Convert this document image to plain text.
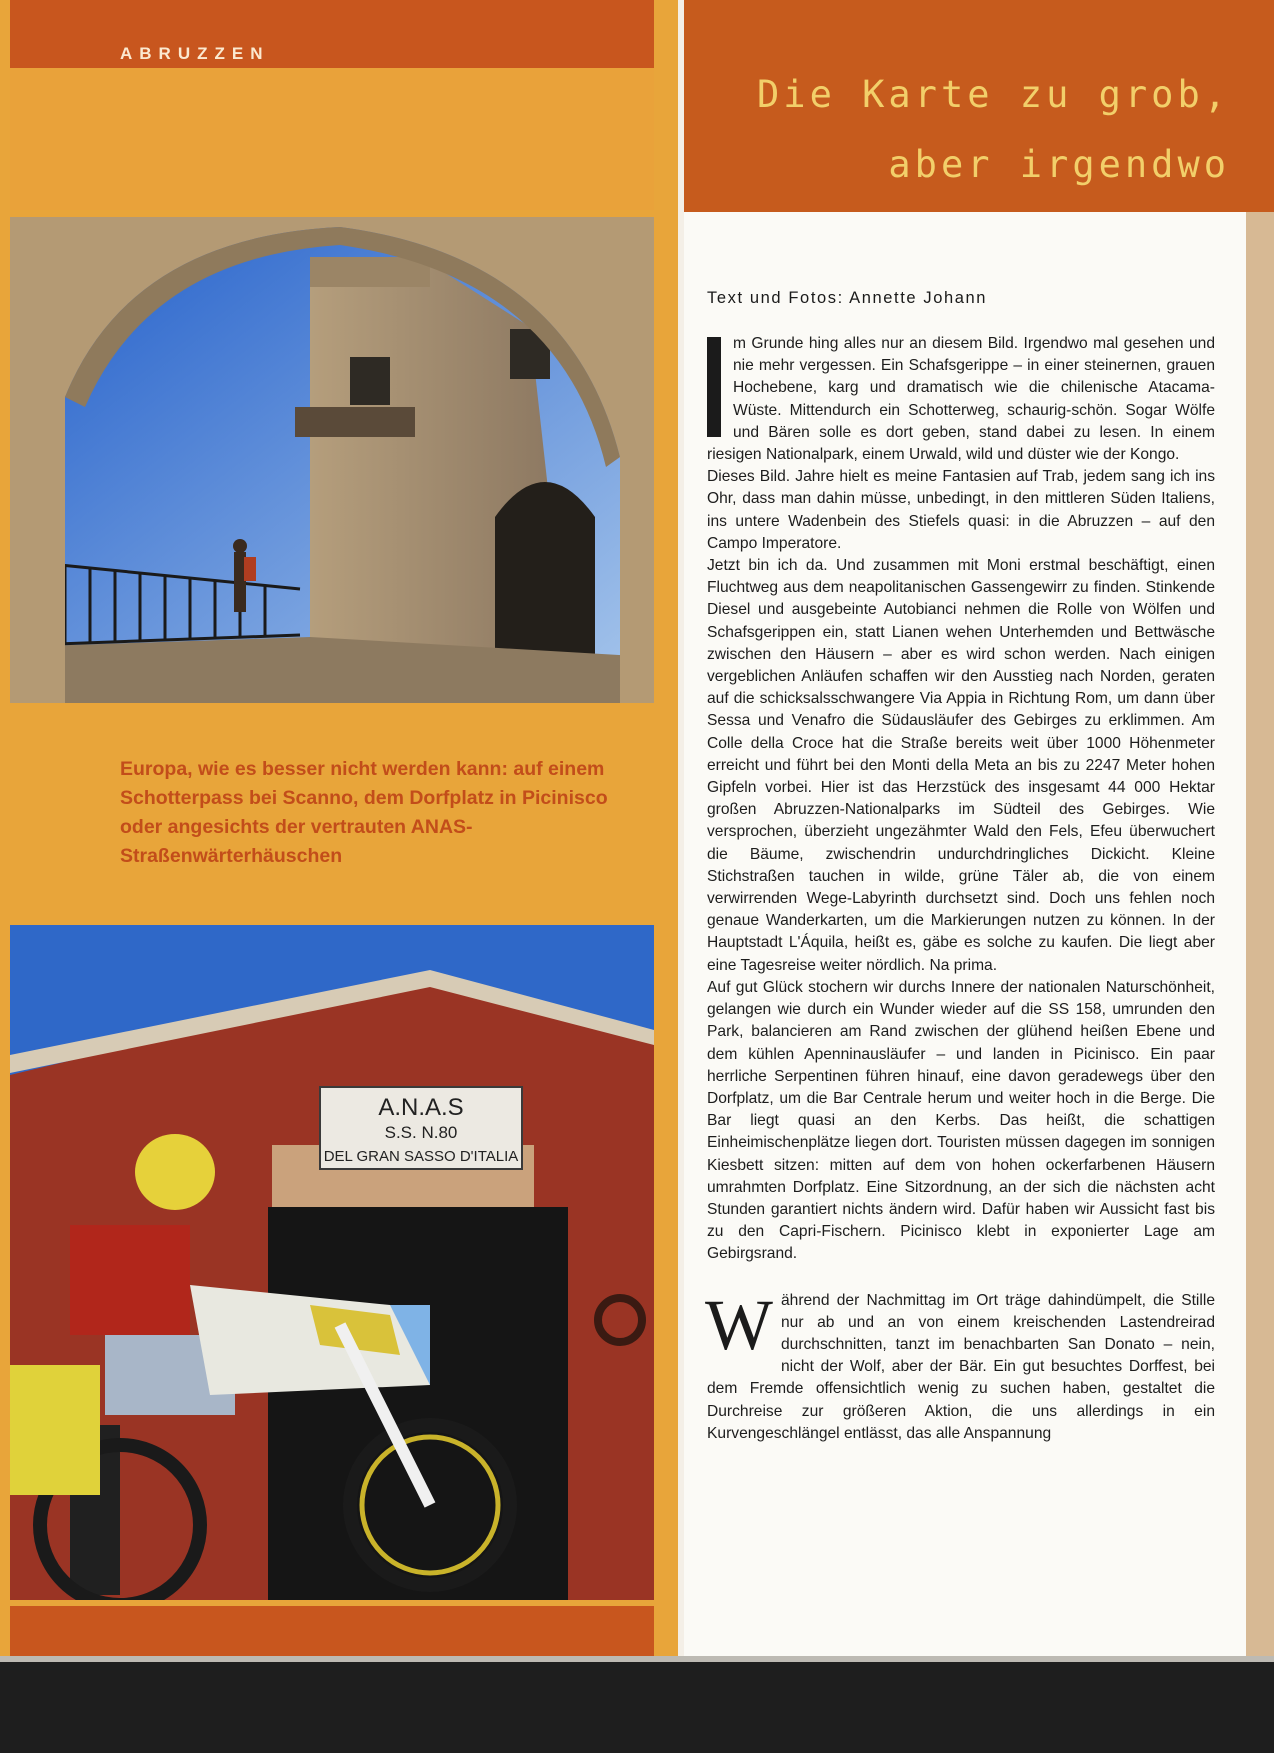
ABRUZZEN
Europa, wie es besser nicht werden kann: auf einem Schotterpass bei Scanno, dem Dorfplatz in Picinisco oder angesichts der vertrauten ANAS-Straßenwärterhäuschen
A.N.A.S
S.S. N.80
DEL GRAN SASSO D'ITALIA
Die Karte zu grob,
aber irgendwo
Text und Fotos: Annette Johann

m Grunde hing alles nur an diesem Bild. Irgendwo mal gesehen und nie mehr vergessen. Ein Schafsgerippe – in einer steinernen, grauen Hochebene, karg und dramatisch wie die chilenische Atacama-Wüste. Mittendurch ein Schotterweg, schaurig-schön. Sogar Wölfe und Bären solle es dort geben, stand dabei zu lesen. In einem riesigen Nationalpark, einem Urwald, wild und düster wie der Kongo.

Dieses Bild. Jahre hielt es meine Fantasien auf Trab, jedem sang ich ins Ohr, dass man dahin müsse, unbedingt, in den mittleren Süden Italiens, ins untere Wadenbein des Stiefels quasi: in die Abruzzen – auf den Campo Imperatore.

Jetzt bin ich da. Und zusammen mit Moni erstmal beschäftigt, einen Fluchtweg aus dem neapolitanischen Gassengewirr zu finden. Stinkende Diesel und ausgebeinte Autobianci nehmen die Rolle von Wölfen und Schafsgerippen ein, statt Lianen wehen Unterhemden und Bettwäsche zwischen den Häusern – aber es wird schon werden. Nach einigen vergeblichen Anläufen schaffen wir den Ausstieg nach Norden, geraten auf die schicksalsschwangere Via Appia in Richtung Rom, um dann über Sessa und Venafro die Südausläufer des Gebirges zu erklimmen. Am Colle della Croce hat die Straße bereits weit über 1000 Höhenmeter erreicht und führt bei den Monti della Meta an bis zu 2247 Meter hohen Gipfeln vorbei. Hier ist das Herzstück des insgesamt 44 000 Hektar großen Abruzzen-Nationalparks im Südteil des Gebirges. Wie versprochen, überzieht ungezähmter Wald den Fels, Efeu überwuchert die Bäume, zwischendrin undurchdringliches Dickicht. Kleine Stichstraßen tauchen in wilde, grüne Täler ab, die von einem verwirrenden Wege-Labyrinth durchsetzt sind. Doch uns fehlen noch genaue Wanderkarten, um die Markierungen nutzen zu können. In der Hauptstadt L'Áquila, heißt es, gäbe es solche zu kaufen. Die liegt aber eine Tagesreise weiter nördlich. Na prima.

Auf gut Glück stochern wir durchs Innere der nationalen Naturschönheit, gelangen wie durch ein Wunder wieder auf die SS 158, umrunden den Park, balancieren am Rand zwischen der glühend heißen Ebene und dem kühlen Apenninausläufer – und landen in Picinisco. Ein paar herrliche Serpentinen führen hinauf, eine davon geradewegs über den Dorfplatz, um die Bar Centrale herum und weiter hoch in die Berge. Die Bar liegt quasi an den Kerbs. Das heißt, die schattigen Einheimischenplätze liegen dort. Touristen müssen dagegen im sonnigen Kiesbett sitzen: mitten auf dem von hohen ockerfarbenen Häusern umrahmten Dorfplatz. Eine Sitzordnung, an der sich die nächsten acht Stunden garantiert nichts ändern wird. Dafür haben wir Aussicht fast bis zu den Capri-Fischern. Picinisco klebt in exponierter Lage am Gebirgsrand.

Während der Nachmittag im Ort träge dahindümpelt, die Stille nur ab und an von einem kreischenden Lastendreirad durchschnitten, tanzt im benachbarten San Donato – nein, nicht der Wolf, aber der Bär. Ein gut besuchtes Dorffest, bei dem Fremde offensichtlich wenig zu suchen haben, gestaltet die Durchreise zur größeren Aktion, die uns allerdings in ein Kurvengeschlängel entlässt, das alle Anspannung
